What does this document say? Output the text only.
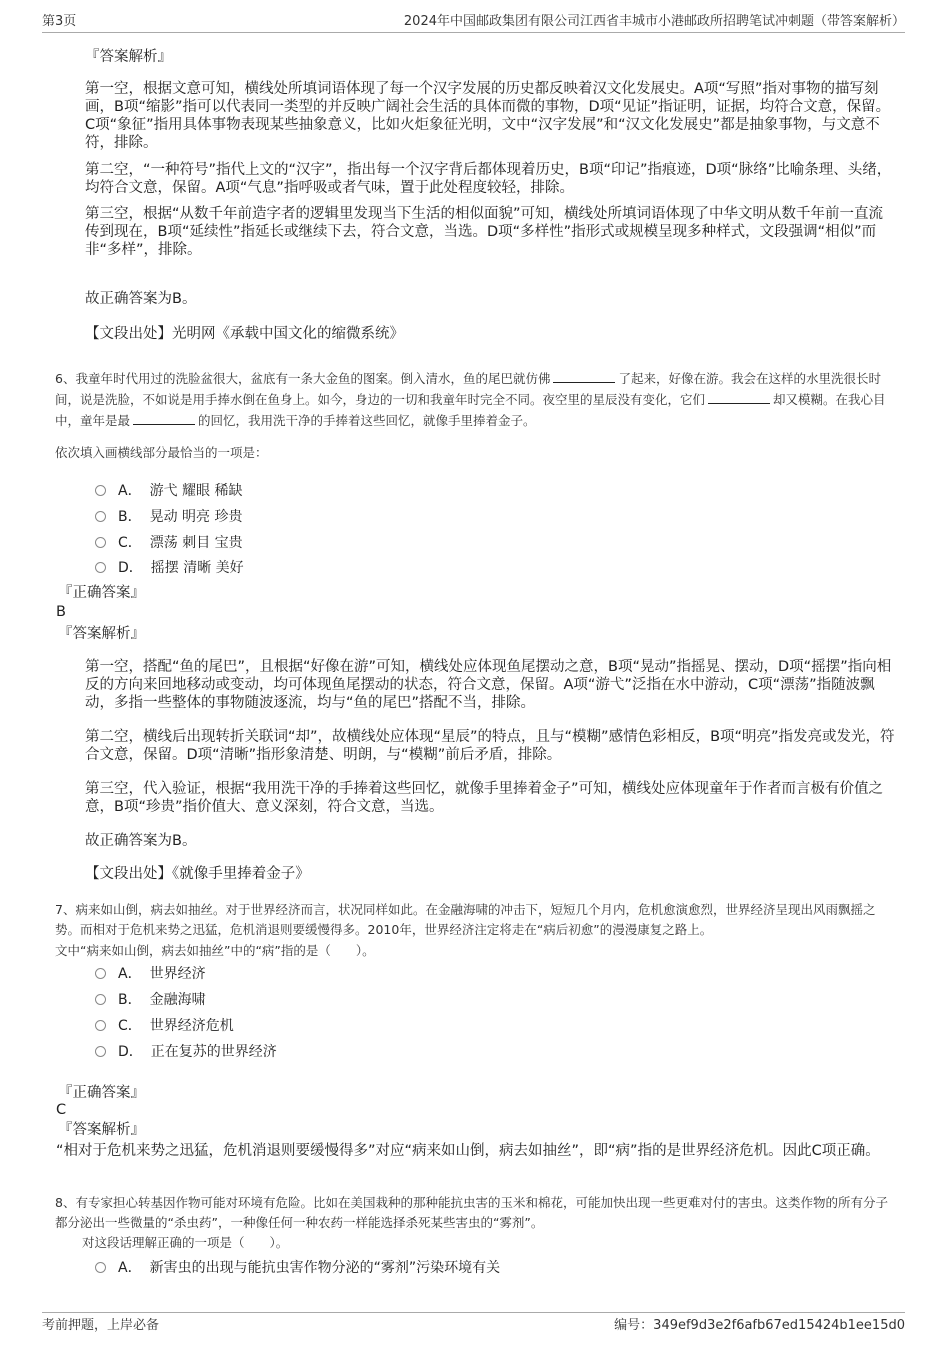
第3页	2024年中国邮政集团有限公司江西省丰城市小港邮政所招聘笔试冲刺题（带答案解析）
『答案解析』
第一空，根据文意可知，横线处所填词语体现了每一个汉字发展的历史都反映着汉文化发展史。A项“写照”指对事物的描写刻画，B项“缩影”指可以代表同一类型的并反映广阔社会生活的具体而微的事物，D项“见证”指证明，证据，均符合文意，保留。C项“象征”指用具体事物表现某些抽象意义，比如火炬象征光明，文中“汉字发展”和“汉文化发展史”都是抽象事物，与文意不符，排除。
第二空，“一种符号”指代上文的“汉字”，指出每一个汉字背后都体现着历史，B项“印记”指痕迹，D项“脉络”比喻条理、头绪，均符合文意，保留。A项“气息”指呼吸或者气味，置于此处程度较轻，排除。
第三空，根据“从数千年前造字者的逻辑里发现当下生活的相似面貌”可知，横线处所填词语体现了中华文明从数千年前一直流传到现在，B项“延续性”指延长或继续下去，符合文意，当选。D项“多样性”指形式或规模呈现多种样式，文段强调“相似”而非“多样”，排除。
故正确答案为B。
【文段出处】光明网《承载中国文化的缩微系统》
6、我童年时代用过的洗脸盆很大，盆底有一条大金鱼的图案。倒入清水，鱼的尾巴就仿佛	了起来，好像在游。我会在这样的水里洗很长时间，说是洗脸，不如说是用手捧水倒在鱼身上。如今，身边的一切和我童年时完全不同。夜空里的星辰没有变化，它们	却又模糊。在我心目中，童年是最	的回忆，我用洗干净的手捧着这些回忆，就像手里捧着金子。
依次填入画横线部分最恰当的一项是：
A． 游弋 耀眼 稀缺
B． 晃动 明亮 珍贵
C． 漂荡 刺目 宝贵
D． 摇摆 清晰 美好
『正确答案』
B
『答案解析』
第一空，搭配“鱼的尾巴”，且根据“好像在游”可知，横线处应体现鱼尾摆动之意，B项“晃动”指摇晃、摆动，D项“摇摆”指向相反的方向来回地移动或变动，均可体现鱼尾摆动的状态，符合文意，保留。A项“游弋”泛指在水中游动，C项“漂荡”指随波飘动，多指一些整体的事物随波逐流，均与“鱼的尾巴”搭配不当，排除。
第二空，横线后出现转折关联词“却”，故横线处应体现“星辰”的特点，且与“模糊”感情色彩相反，B项“明亮”指发亮或发光，符合文意，保留。D项“清晰”指形象清楚、明朗，与“模糊”前后矛盾，排除。
第三空，代入验证，根据“我用洗干净的手捧着这些回忆，就像手里捧着金子”可知，横线处应体现童年于作者而言极有价值之意，B项“珍贵”指价值大、意义深刻，符合文意，当选。
故正确答案为B。
【文段出处】《就像手里捧着金子》
7、病来如山倒，病去如抽丝。对于世界经济而言，状况同样如此。在金融海啸的冲击下，短短几个月内，危机愈演愈烈，世界经济呈现出风雨飘摇之势。而相对于危机来势之迅猛，危机消退则要缓慢得多。2010年，世界经济注定将走在“病后初愈”的漫漫康复之路上。
文中“病来如山倒，病去如抽丝”中的“病”指的是（　　）。
A． 世界经济
B． 金融海啸
C． 世界经济危机
D． 正在复苏的世界经济
『正确答案』
C
『答案解析』
“相对于危机来势之迅猛，危机消退则要缓慢得多”对应“病来如山倒，病去如抽丝”，即“病”指的是世界经济危机。因此C项正确。
8、有专家担心转基因作物可能对环境有危险。比如在美国栽种的那种能抗虫害的玉米和棉花，可能加快出现一些更难对付的害虫。这类作物的所有分子都分泌出一些微量的“杀虫药”，一种像任何一种农药一样能选择杀死某些害虫的“雾剂”。
对这段话理解正确的一项是（　　）。
A． 新害虫的出现与能抗虫害作物分泌的“雾剂”污染环境有关
考前押题，上岸必备	编号：349ef9d3e2f6afb67ed15424b1ee15d0
